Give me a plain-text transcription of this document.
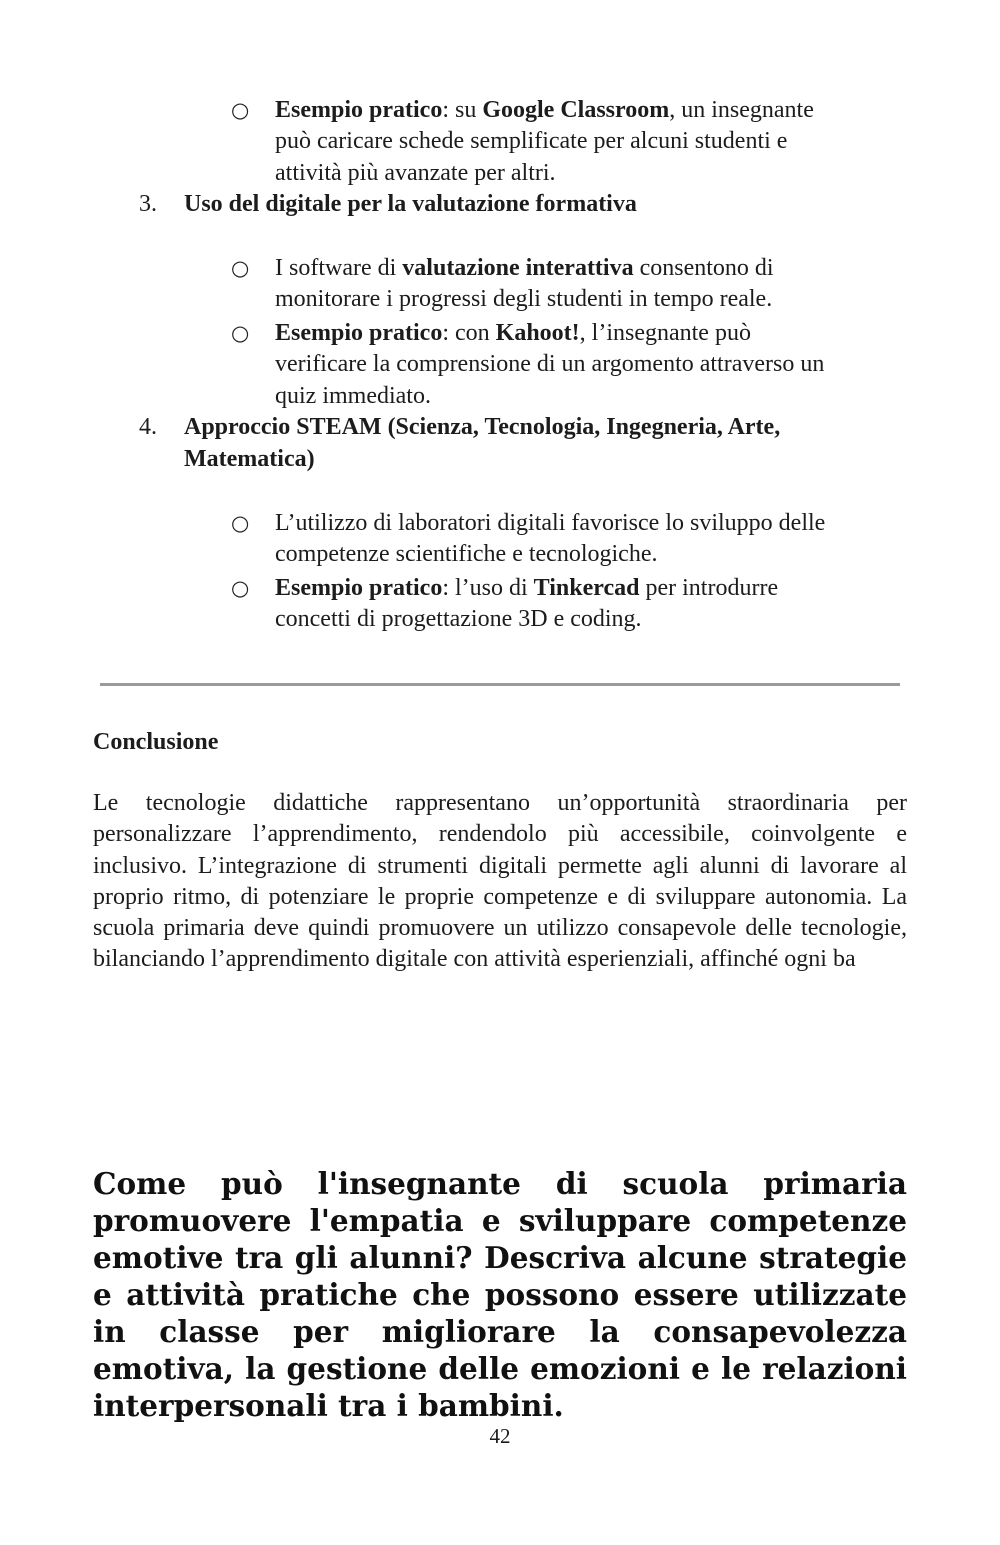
○ Esempio pratico: su Google Classroom, un insegnante
può caricare schede semplificate per alcuni studenti e
attività più avanzate per altri.
3. Uso del digitale per la valutazione formativa
○ I software di valutazione interattiva consentono di
monitorare i progressi degli studenti in tempo reale.
○ Esempio pratico: con Kahoot!, l’insegnante può
verificare la comprensione di un argomento attraverso un
quiz immediato.
4. Approccio STEAM (Scienza, Tecnologia, Ingegneria, Arte,
Matematica)
○ L’utilizzo di laboratori digitali favorisce lo sviluppo delle
competenze scientifiche e tecnologiche.
○ Esempio pratico: l’uso di Tinkercad per introdurre
concetti di progettazione 3D e coding.
Conclusione
Le tecnologie didattiche rappresentano un’opportunità straordinaria per personalizzare l’apprendimento, rendendolo più accessibile, coinvolgente e inclusivo. L’integrazione di strumenti digitali permette agli alunni di lavorare al proprio ritmo, di potenziare le proprie competenze e di sviluppare autonomia. La scuola primaria deve quindi promuovere un utilizzo consapevole delle tecnologie, bilanciando l’apprendimento digitale con attività esperienziali, affinché ogni ba
Come può l'insegnante di scuola primaria promuovere l'empatia e sviluppare competenze emotive tra gli alunni? Descriva alcune strategie e attività pratiche che possono essere utilizzate in classe per migliorare la consapevolezza emotiva, la gestione delle emozioni e le relazioni interpersonali tra i bambini.
42
